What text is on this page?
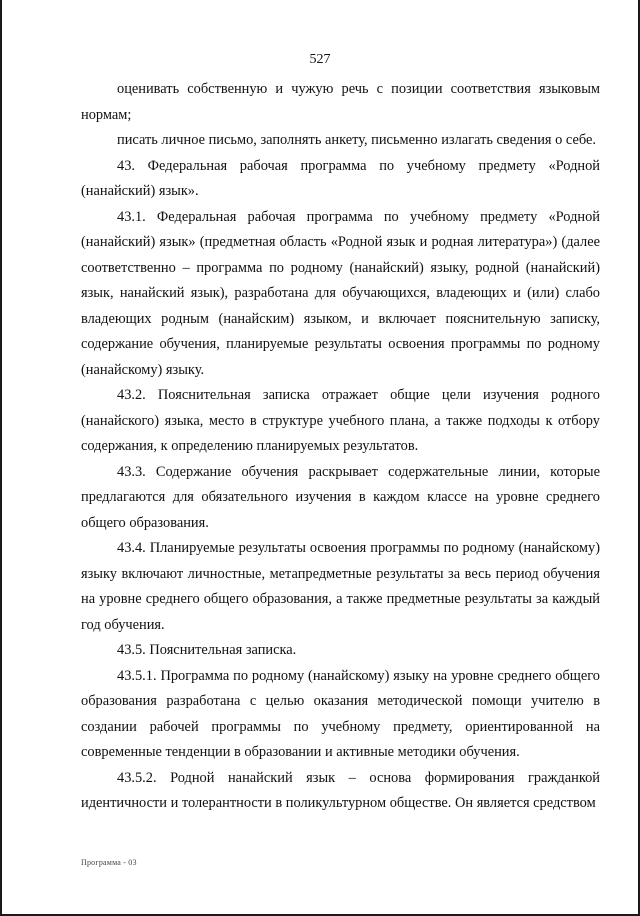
527

оценивать собственную и чужую речь с позиции соответствия языковым нормам;

писать личное письмо, заполнять анкету, письменно излагать сведения о себе.

43. Федеральная рабочая программа по учебному предмету «Родной (нанайский) язык».

43.1. Федеральная рабочая программа по учебному предмету «Родной (нанайский) язык» (предметная область «Родной язык и родная литература») (далее соответственно – программа по родному (нанайский) языку, родной (нанайский) язык, нанайский язык), разработана для обучающихся, владеющих и (или) слабо владеющих родным (нанайским) языком, и включает пояснительную записку, содержание обучения, планируемые результаты освоения программы по родному (нанайскому) языку.

43.2. Пояснительная записка отражает общие цели изучения родного (нанайского) языка, место в структуре учебного плана, а также подходы к отбору содержания, к определению планируемых результатов.

43.3. Содержание обучения раскрывает содержательные линии, которые предлагаются для обязательного изучения в каждом классе на уровне среднего общего образования.

43.4. Планируемые результаты освоения программы по родному (нанайскому) языку включают личностные, метапредметные результаты за весь период обучения на уровне среднего общего образования, а также предметные результаты за каждый год обучения.

43.5. Пояснительная записка.

43.5.1. Программа по родному (нанайскому) языку на уровне среднего общего образования разработана с целью оказания методической помощи учителю в создании рабочей программы по учебному предмету, ориентированной на современные тенденции в образовании и активные методики обучения.

43.5.2. Родной нанайский язык – основа формирования гражданкой идентичности и толерантности в поликультурном обществе. Он является средством

Программа - 03
